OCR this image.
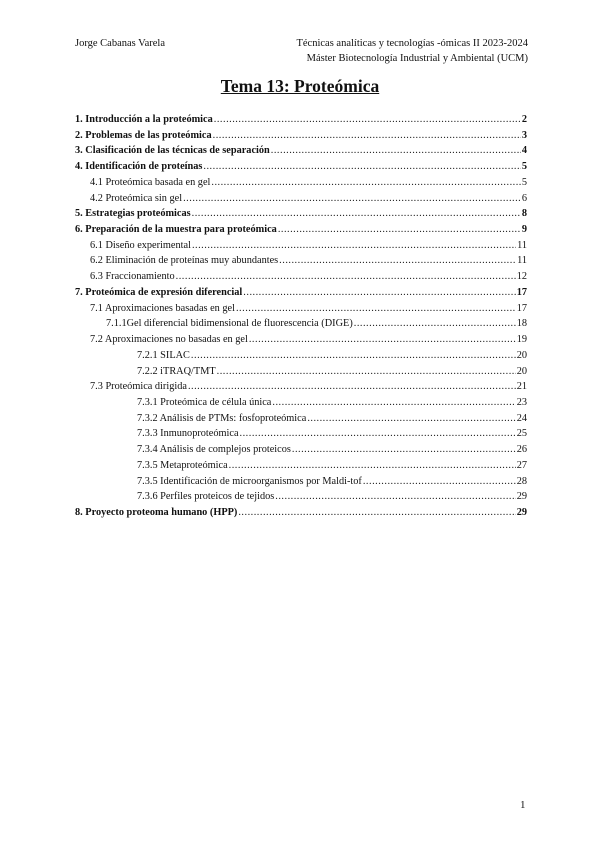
Jorge Cabanas Varela	Técnicas analíticas y tecnologías -ómicas II 2023-2024
Máster Biotecnología Industrial y Ambiental (UCM)
Tema 13: Proteómica
1. Introducción a la proteómica .....	2
2. Problemas de las proteómica .....	3
3. Clasificación de las técnicas de separación .....	4
4. Identificación de proteínas .....	5
4.1 Proteómica basada en gel .....	5
4.2 Proteómica sin gel .....	6
5. Estrategias proteómicas .....	8
6. Preparación de la muestra para proteómica .....	9
6.1 Diseño experimental .....	11
6.2 Eliminación de proteínas muy abundantes .....	11
6.3 Fraccionamiento .....	12
7. Proteómica de expresión diferencial .....	17
7.1 Aproximaciones basadas en gel .....	17
7.1.1Gel diferencial bidimensional de fluorescencia (DIGE) .....	18
7.2 Aproximaciones no basadas en gel .....	19
7.2.1 SILAC .....	20
7.2.2 iTRAQ/TMT .....	20
7.3 Proteómica dirigida .....	21
7.3.1 Proteómica de célula única .....	23
7.3.2 Análisis de PTMs: fosfoproteómica .....	24
7.3.3 Inmunoproteómica .....	25
7.3.4 Análisis de complejos proteicos .....	26
7.3.5 Metaproteómica .....	27
7.3.5 Identificación de microorganismos por Maldi-tof .....	28
7.3.6 Perfiles proteicos de tejidos .....	29
8. Proyecto proteoma humano (HPP) .....	29
1
